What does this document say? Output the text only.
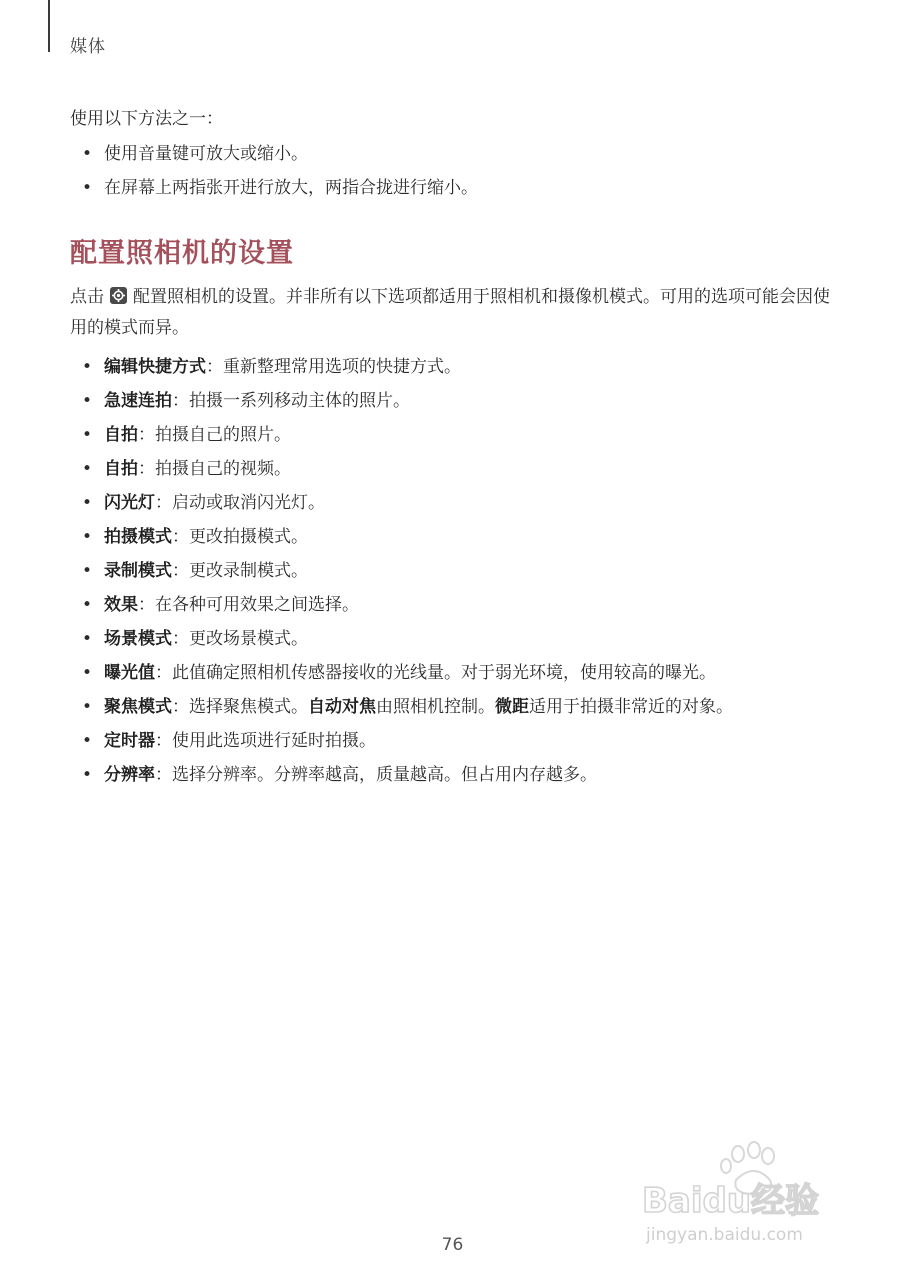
媒体

使用以下方法之一：

• 使用音量键可放大或缩小。
• 在屏幕上两指张开进行放大，两指合拢进行缩小。
配置照相机的设置

点击 配置照相机的设置。并非所有以下选项都适用于照相机和摄像机模式。可用的选项可能会因使用的模式而异。

• 编辑快捷方式：重新整理常用选项的快捷方式。
• 急速连拍：拍摄一系列移动主体的照片。
• 自拍：拍摄自己的照片。
• 自拍：拍摄自己的视频。
• 闪光灯：启动或取消闪光灯。
• 拍摄模式：更改拍摄模式。
• 录制模式：更改录制模式。
• 效果：在各种可用效果之间选择。
• 场景模式：更改场景模式。
• 曝光值：此值确定照相机传感器接收的光线量。对于弱光环境，使用较高的曝光。
• 聚焦模式：选择聚焦模式。自动对焦由照相机控制。微距适用于拍摄非常近的对象。
• 定时器：使用此选项进行延时拍摄。
• 分辨率：选择分辨率。分辨率越高，质量越高。但占用内存越多。
Baidu经验
jingyan.baidu.com
76
